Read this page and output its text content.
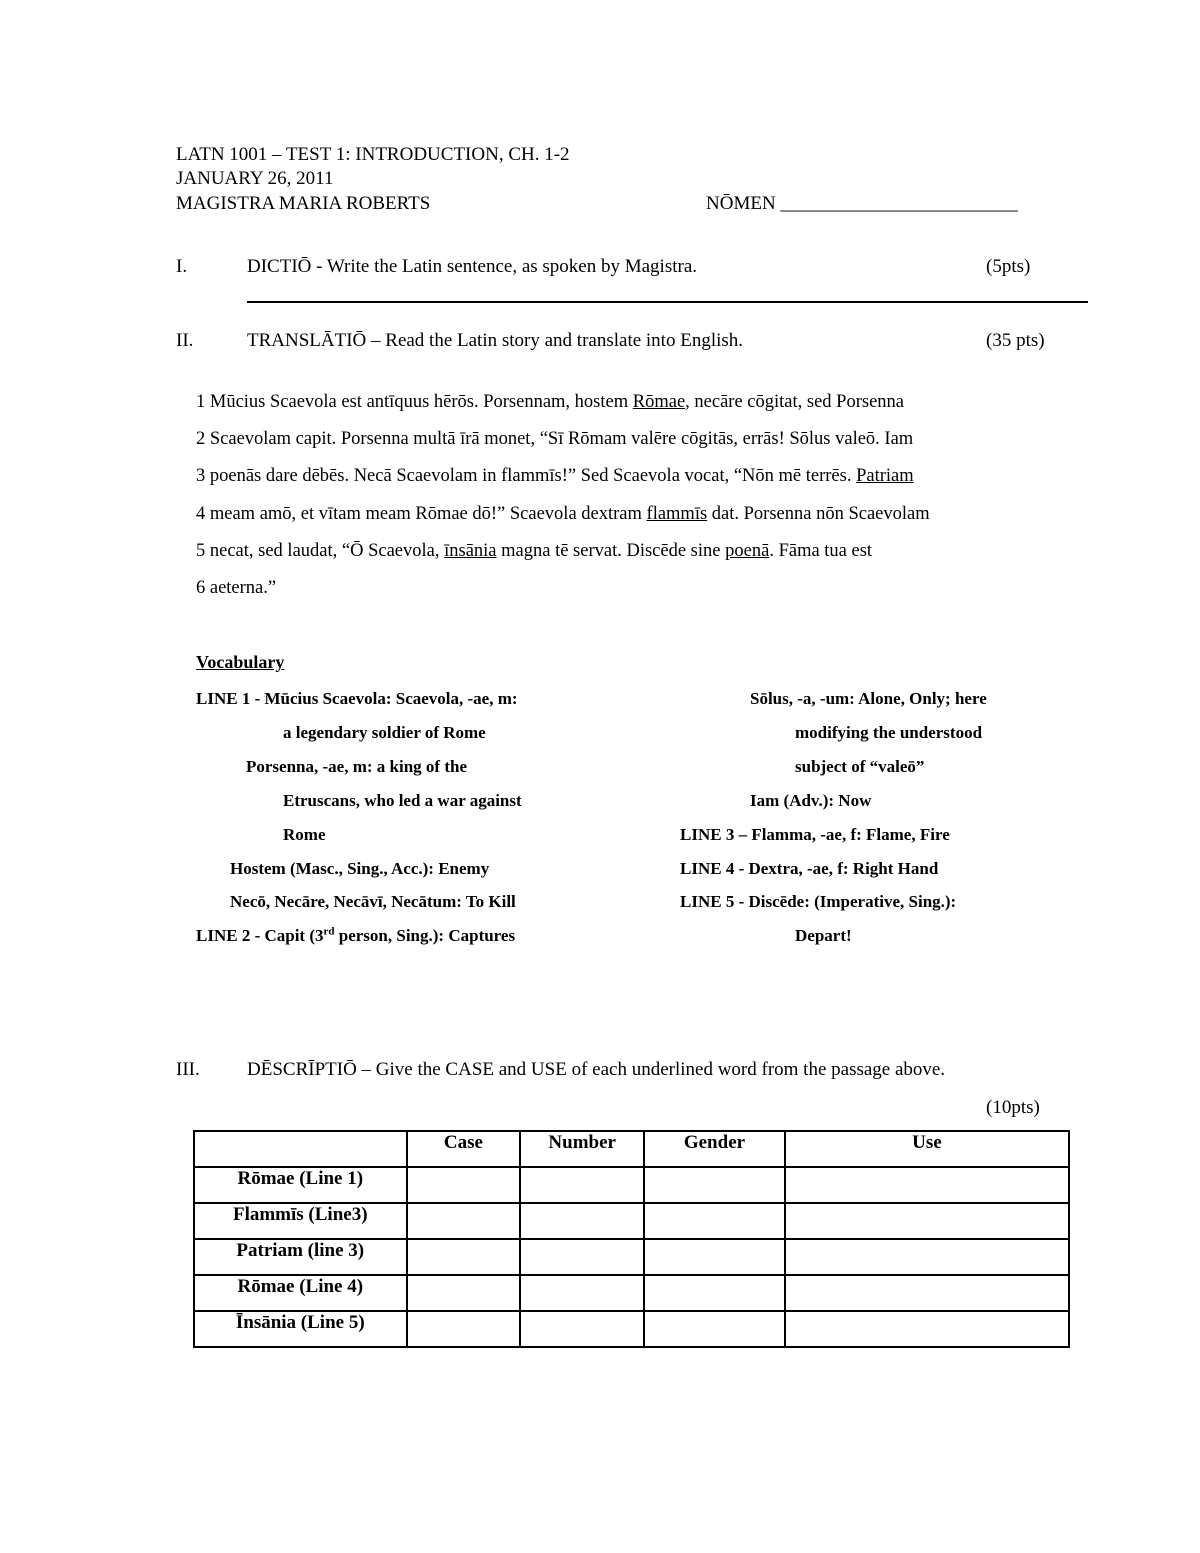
LATN 1001 – TEST 1: INTRODUCTION, CH. 1-2
JANUARY 26, 2011
MAGISTRA MARIA ROBERTS	NŌMEN _________________________
I.	DICTIŌ - Write the Latin sentence, as spoken by Magistra.	(5pts)
II.	TRANSLĀTIŌ – Read the Latin story and translate into English.	(35 pts)
1 Mūcius Scaevola est antīquus hērōs. Porsennam, hostem Rōmae, necāre cōgitat, sed Porsenna
2 Scaevolam capit. Porsenna multā īrā monet, “Sī Rōmam valēre cōgitās, errās! Sōlus valeō. Iam
3 poenās dare dēbēs. Necā Scaevolam in flammīs!” Sed Scaevola vocat, “Nōn mē terrēs. Patriam
4 meam amō, et vītam meam Rōmae dō!” Scaevola dextram flammīs dat. Porsenna nōn Scaevolam
5 necat, sed laudat, “Ō Scaevola, īnsānia magna tē servat. Discēde sine poenā. Fāma tua est
6 aeterna.”
Vocabulary
LINE 1 - Mūcius Scaevola: Scaevola, -ae, m:
a legendary soldier of Rome
Porsenna, -ae, m: a king of the
Etruscans, who led a war against
Rome
Hostem (Masc., Sing., Acc.): Enemy
Necō, Necāre, Necāvī, Necātum: To Kill
LINE 2 - Capit (3rd person, Sing.): Captures
Sōlus, -a, -um: Alone, Only; here
modifying the understood
subject of “valeō”
Iam (Adv.): Now
LINE 3 – Flamma, -ae, f: Flame, Fire
LINE 4 - Dextra, -ae, f: Right Hand
LINE 5 - Discēde: (Imperative, Sing.):
Depart!
III. DĒSCRĪPTIŌ – Give the CASE and USE of each underlined word from the passage above.
(10pts)
	Case	Number	Gender	Use
Rōmae (Line 1)				
Flammīs (Line3)				
Patriam (line 3)				
Rōmae (Line 4)				
Īnsānia (Line 5)				
